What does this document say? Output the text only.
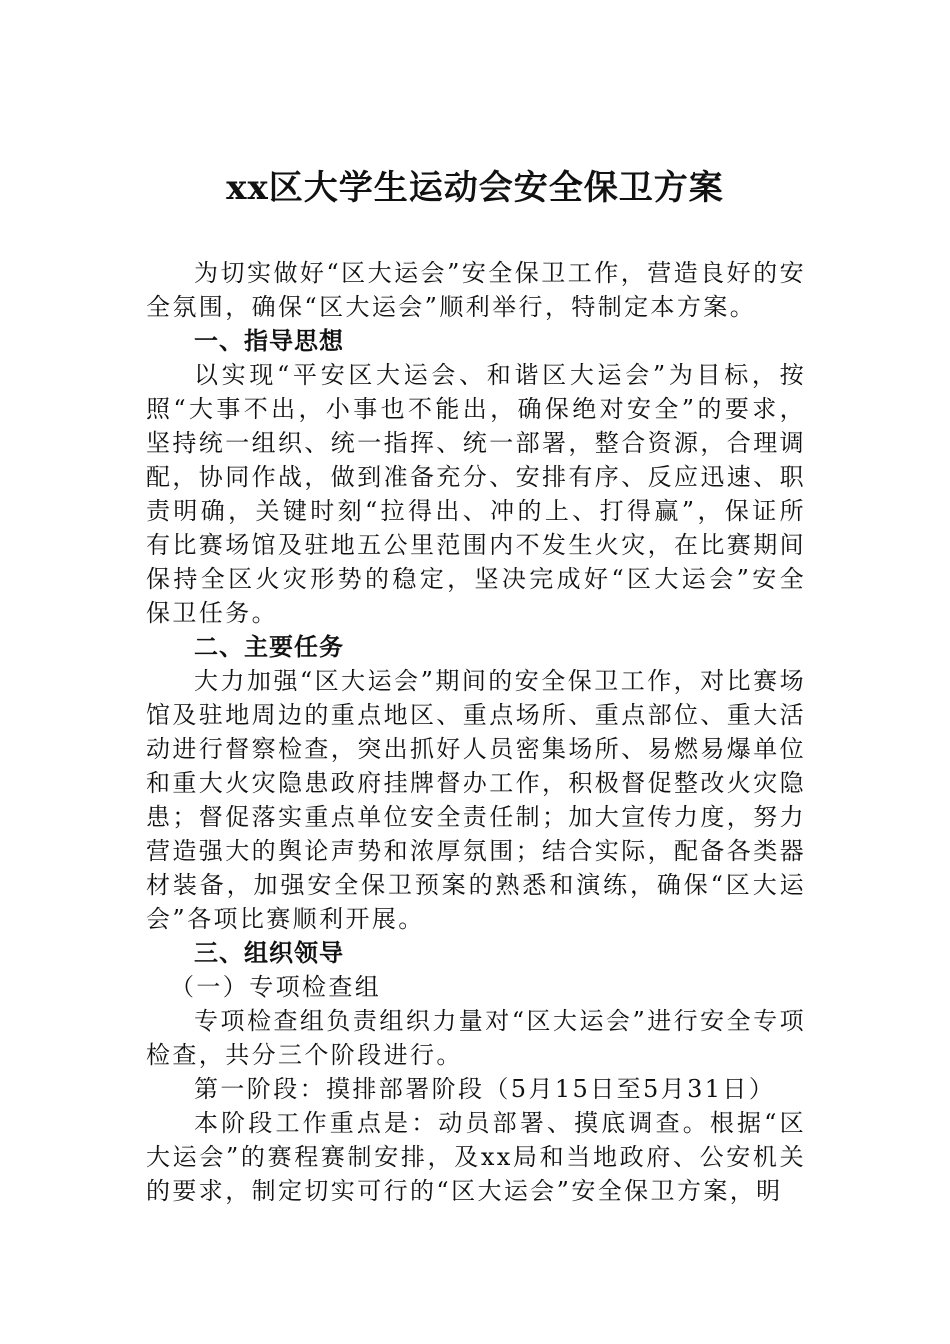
xx区大学生运动会安全保卫方案

为切实做好“区大运会”安全保卫工作，营造良好的安全氛围，确保“区大运会”顺利举行，特制定本方案。

一、指导思想

以实现“平安区大运会、和谐区大运会”为目标，按照“大事不出，小事也不能出，确保绝对安全”的要求，坚持统一组织、统一指挥、统一部署，整合资源，合理调配，协同作战，做到准备充分、安排有序、反应迅速、职责明确，关键时刻“拉得出、冲的上、打得赢”，保证所有比赛场馆及驻地五公里范围内不发生火灾，在比赛期间保持全区火灾形势的稳定，坚决完成好“区大运会”安全保卫任务。

二、主要任务

大力加强“区大运会”期间的安全保卫工作，对比赛场馆及驻地周边的重点地区、重点场所、重点部位、重大活动进行督察检查，突出抓好人员密集场所、易燃易爆单位和重大火灾隐患政府挂牌督办工作，积极督促整改火灾隐患；督促落实重点单位安全责任制；加大宣传力度，努力营造强大的舆论声势和浓厚氛围；结合实际，配备各类器材装备，加强安全保卫预案的熟悉和演练，确保“区大运会”各项比赛顺利开展。

三、组织领导

（一）专项检查组

专项检查组负责组织力量对“区大运会”进行安全专项检查，共分三个阶段进行。

第一阶段：摸排部署阶段（5月15日至5月31日）

本阶段工作重点是：动员部署、摸底调查。根据“区大运会”的赛程赛制安排，及xx局和当地政府、公安机关的要求，制定切实可行的“区大运会”安全保卫方案，明
